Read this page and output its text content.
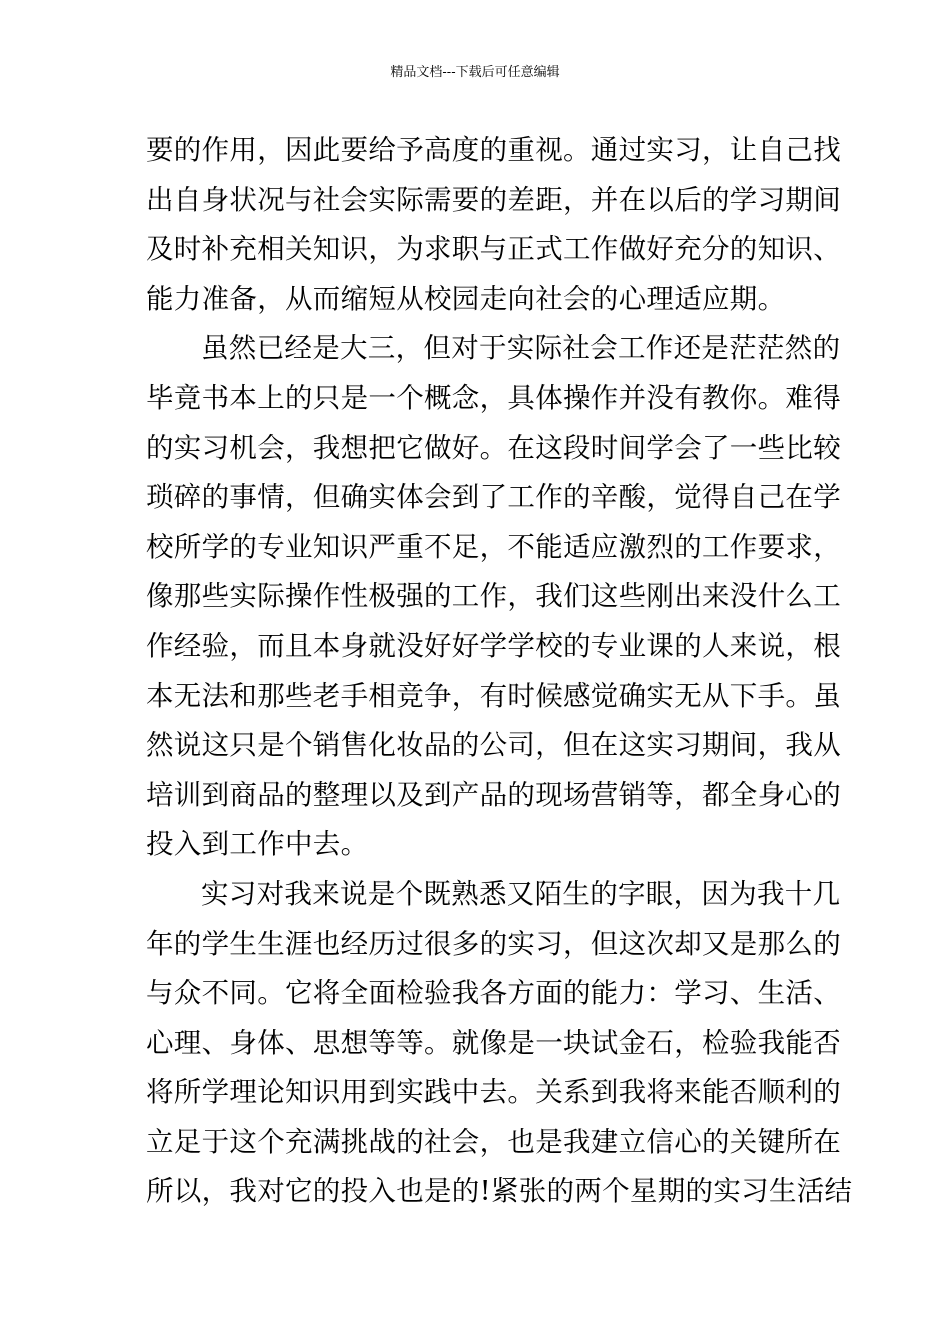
精品文档---下载后可任意编辑
要的作用，因此要给予高度的重视。通过实习，让自己找
出自身状况与社会实际需要的差距，并在以后的学习期间
及时补充相关知识，为求职与正式工作做好充分的知识、
能力准备，从而缩短从校园走向社会的心理适应期。
虽然已经是大三，但对于实际社会工作还是茫茫然的
毕竟书本上的只是一个概念，具体操作并没有教你。难得
的实习机会，我想把它做好。在这段时间学会了一些比较
琐碎的事情，但确实体会到了工作的辛酸，觉得自己在学
校所学的专业知识严重不足，不能适应激烈的工作要求，
像那些实际操作性极强的工作，我们这些刚出来没什么工
作经验，而且本身就没好好学学校的专业课的人来说，根
本无法和那些老手相竞争，有时候感觉确实无从下手。虽
然说这只是个销售化妆品的公司，但在这实习期间，我从
培训到商品的整理以及到产品的现场营销等，都全身心的
投入到工作中去。
实习对我来说是个既熟悉又陌生的字眼，因为我十几
年的学生生涯也经历过很多的实习，但这次却又是那么的
与众不同。它将全面检验我各方面的能力：学习、生活、
心理、身体、思想等等。就像是一块试金石，检验我能否
将所学理论知识用到实践中去。关系到我将来能否顺利的
立足于这个充满挑战的社会，也是我建立信心的关键所在
所以，我对它的投入也是的!紧张的两个星期的实习生活结
